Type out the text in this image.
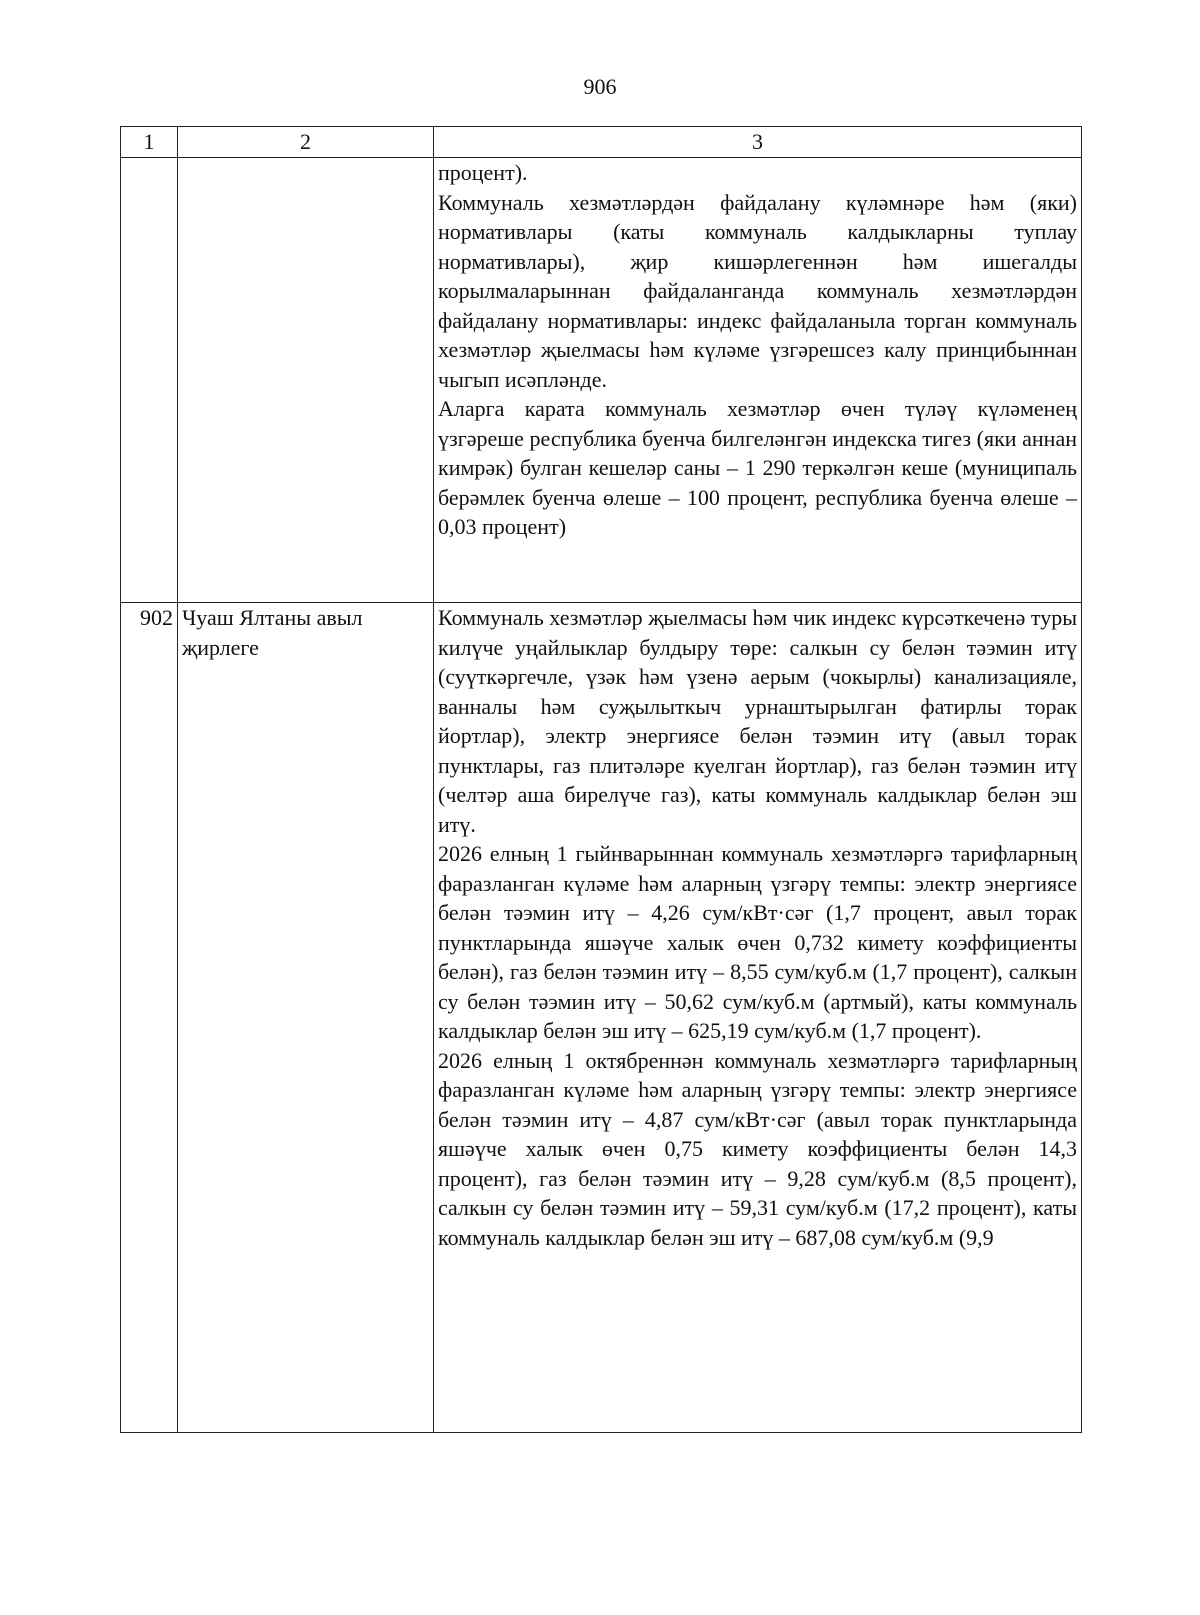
906
1	2	3

		процент).

Коммуналь хезмәтләрдән файдалану күләмнәре һәм (яки) нормативлары (каты коммуналь калдыкларны туплау нормативлары), җир кишәрлегеннән һәм ишегалды корылмаларыннан файдаланганда коммуналь хезмәтләрдән файдалану нормативлары: индекс файдаланыла торган коммуналь хезмәтләр җыелмасы һәм күләме үзгәрешсез калу принцибыннан чыгып исәпләнде.

Аларга карата коммуналь хезмәтләр өчен түләү күләменең үзгәреше республика буенча билгеләнгән индекска тигез (яки аннан кимрәк) булган кешеләр саны – 1 290 теркәлгән кеше (муниципаль берәмлек буенча өлеше – 100 процент, республика буенча өлеше – 0,03 процент)

902	Чуаш Ялтаны авыл җирлеге	Коммуналь хезмәтләр җыелмасы һәм чик индекс күрсәткеченә туры килүче уңайлыклар булдыру төре: салкын су белән тәэмин итү (суүткәргечле, үзәк һәм үзенә аерым (чокырлы) канализацияле, ванналы һәм суҗылыткыч урнаштырылган фатирлы торак йортлар), электр энергиясе белән тәэмин итү (авыл торак пунктлары, газ плитәләре куелган йортлар), газ белән тәэмин итү (челтәр аша бирелүче газ), каты коммуналь калдыклар белән эш итү.

2026 елның 1 гыйнварыннан коммуналь хезмәтләргә тарифларның фаразланган күләме һәм аларның үзгәрү темпы: электр энергиясе белән тәэмин итү – 4,26 сум/кВт·сәг (1,7 процент, авыл торак пунктларында яшәүче халык өчен 0,732 кимету коэффициенты белән), газ белән тәэмин итү – 8,55 сум/куб.м (1,7 процент), салкын су белән тәэмин итү – 50,62 сум/куб.м (артмый), каты коммуналь калдыклар белән эш итү – 625,19 сум/куб.м (1,7 процент).

2026 елның 1 октябреннән коммуналь хезмәтләргә тарифларның фаразланган күләме һәм аларның үзгәрү темпы: электр энергиясе белән тәэмин итү – 4,87 сум/кВт·сәг (авыл торак пунктларында яшәүче халык өчен 0,75 кимету коэффициенты белән 14,3 процент), газ белән тәэмин итү – 9,28 сум/куб.м (8,5 процент), салкын су белән тәэмин итү – 59,31 сум/куб.м (17,2 процент), каты коммуналь калдыклар белән эш итү – 687,08 сум/куб.м (9,9
